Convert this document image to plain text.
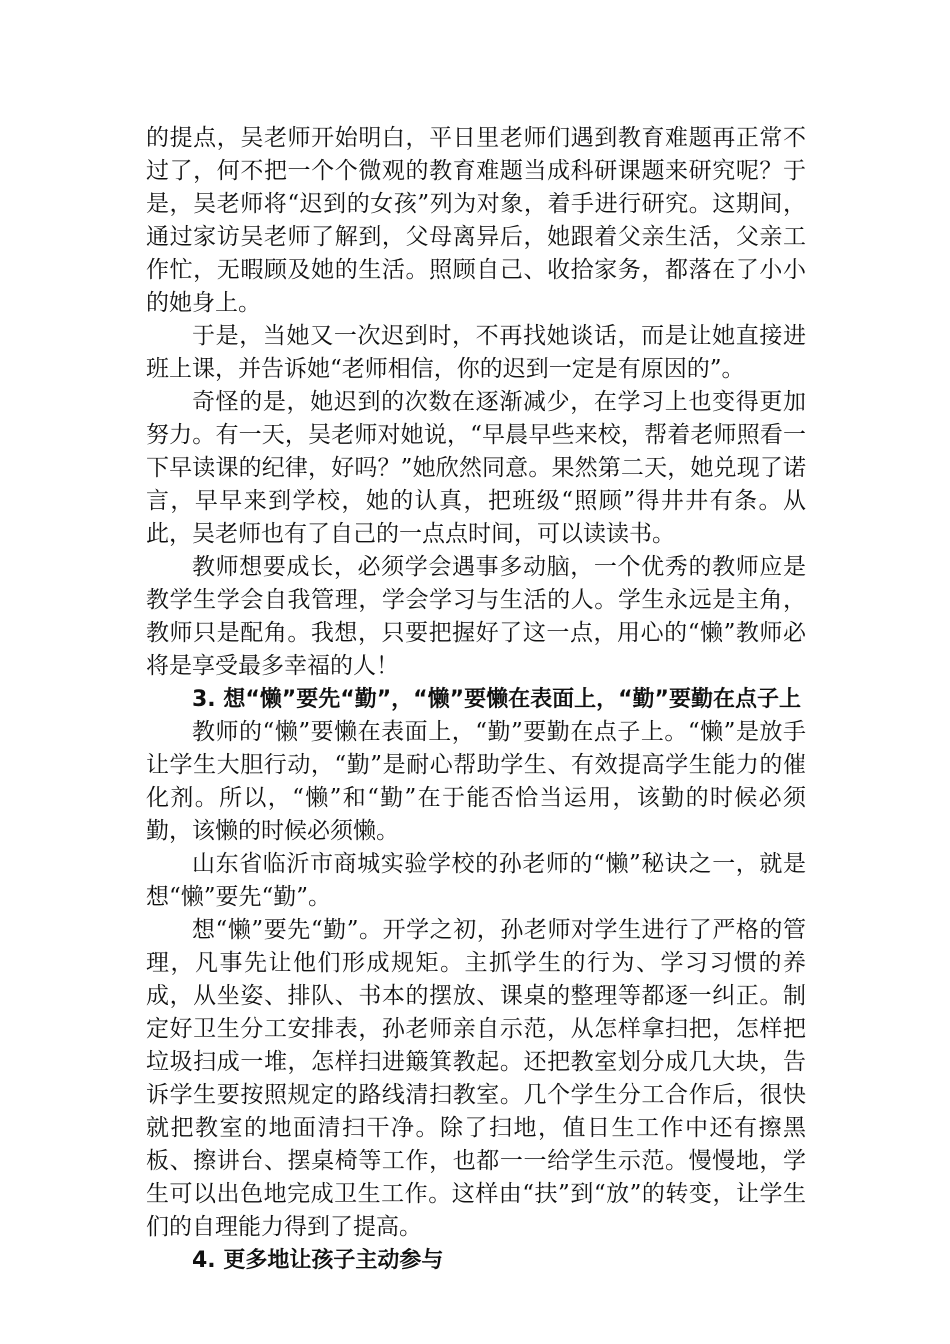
的提点，吴老师开始明白，平日里老师们遇到教育难题再正常不过了，何不把一个个微观的教育难题当成科研课题来研究呢？于是，吴老师将“迟到的女孩”列为对象，着手进行研究。这期间，通过家访吴老师了解到，父母离异后，她跟着父亲生活，父亲工作忙，无暇顾及她的生活。照顾自己、收拾家务，都落在了小小的她身上。

于是，当她又一次迟到时，不再找她谈话，而是让她直接进班上课，并告诉她“老师相信，你的迟到一定是有原因的”。

奇怪的是，她迟到的次数在逐渐减少，在学习上也变得更加努力。有一天，吴老师对她说，“早晨早些来校，帮着老师照看一下早读课的纪律，好吗？”她欣然同意。果然第二天，她兑现了诺言，早早来到学校，她的认真，把班级“照顾”得井井有条。从此，吴老师也有了自己的一点点时间，可以读读书。

教师想要成长，必须学会遇事多动脑，一个优秀的教师应是教学生学会自我管理，学会学习与生活的人。学生永远是主角，教师只是配角。我想，只要把握好了这一点，用心的“懒”教师必将是享受最多幸福的人！

3. 想“懒”要先“勤”，“懒”要懒在表面上，“勤”要勤在点子上

教师的“懒”要懒在表面上，“勤”要勤在点子上。“懒”是放手让学生大胆行动，“勤”是耐心帮助学生、有效提高学生能力的催化剂。所以，“懒”和“勤”在于能否恰当运用，该勤的时候必须勤，该懒的时候必须懒。

山东省临沂市商城实验学校的孙老师的“懒”秘诀之一，就是想“懒”要先“勤”。

想“懒”要先“勤”。开学之初，孙老师对学生进行了严格的管理，凡事先让他们形成规矩。主抓学生的行为、学习习惯的养成，从坐姿、排队、书本的摆放、课桌的整理等都逐一纠正。制定好卫生分工安排表，孙老师亲自示范，从怎样拿扫把，怎样把垃圾扫成一堆，怎样扫进簸箕教起。还把教室划分成几大块，告诉学生要按照规定的路线清扫教室。几个学生分工合作后，很快就把教室的地面清扫干净。除了扫地，值日生工作中还有擦黑板、擦讲台、摆桌椅等工作，也都一一给学生示范。慢慢地，学生可以出色地完成卫生工作。这样由“扶”到“放”的转变，让学生们的自理能力得到了提高。

4. 更多地让孩子主动参与
